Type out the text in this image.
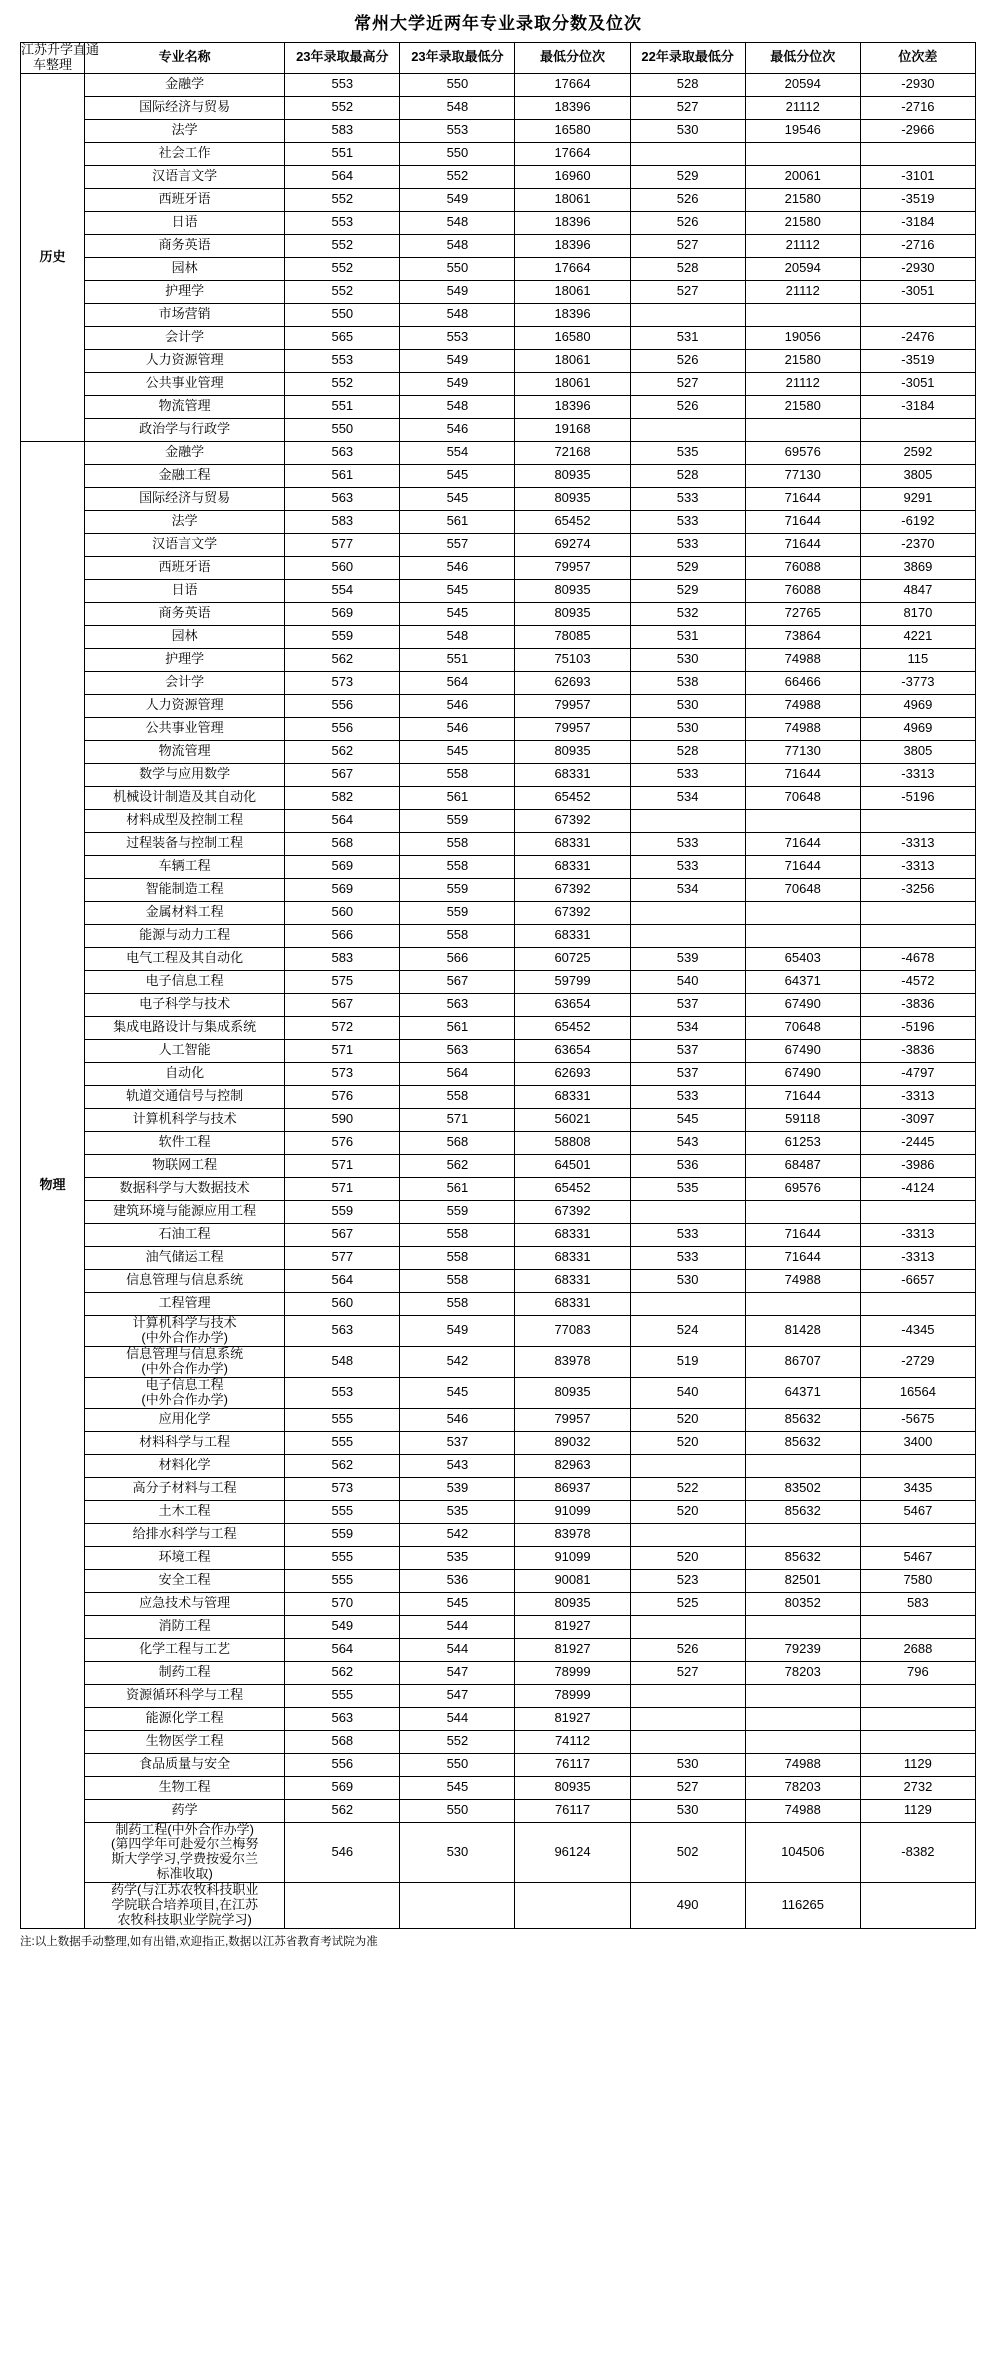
常州大学近两年专业录取分数及位次
江苏升学直通
车整理	专业名称	23年录取最高分	23年录取最低分	最低分位次	22年录取最低分	最低分位次	位次差
历史	金融学	553	550	17664	528	20594	-2930
	国际经济与贸易	552	548	18396	527	21112	-2716
	法学	583	553	16580	530	19546	-2966
	社会工作	551	550	17664			
	汉语言文学	564	552	16960	529	20061	-3101
	西班牙语	552	549	18061	526	21580	-3519
	日语	553	548	18396	526	21580	-3184
	商务英语	552	548	18396	527	21112	-2716
	园林	552	550	17664	528	20594	-2930
	护理学	552	549	18061	527	21112	-3051
	市场营销	550	548	18396			
	会计学	565	553	16580	531	19056	-2476
	人力资源管理	553	549	18061	526	21580	-3519
	公共事业管理	552	549	18061	527	21112	-3051
	物流管理	551	548	18396	526	21580	-3184
	政治学与行政学	550	546	19168			
物理	金融学	563	554	72168	535	69576	2592
	金融工程	561	545	80935	528	77130	3805
	国际经济与贸易	563	545	80935	533	71644	9291
	法学	583	561	65452	533	71644	-6192
	汉语言文学	577	557	69274	533	71644	-2370
	西班牙语	560	546	79957	529	76088	3869
	日语	554	545	80935	529	76088	4847
	商务英语	569	545	80935	532	72765	8170
	园林	559	548	78085	531	73864	4221
	护理学	562	551	75103	530	74988	115
	会计学	573	564	62693	538	66466	-3773
	人力资源管理	556	546	79957	530	74988	4969
	公共事业管理	556	546	79957	530	74988	4969
	物流管理	562	545	80935	528	77130	3805
	数学与应用数学	567	558	68331	533	71644	-3313
	机械设计制造及其自动化	582	561	65452	534	70648	-5196
	材料成型及控制工程	564	559	67392			
	过程装备与控制工程	568	558	68331	533	71644	-3313
	车辆工程	569	558	68331	533	71644	-3313
	智能制造工程	569	559	67392	534	70648	-3256
	金属材料工程	560	559	67392			
	能源与动力工程	566	558	68331			
	电气工程及其自动化	583	566	60725	539	65403	-4678
	电子信息工程	575	567	59799	540	64371	-4572
	电子科学与技术	567	563	63654	537	67490	-3836
	集成电路设计与集成系统	572	561	65452	534	70648	-5196
	人工智能	571	563	63654	537	67490	-3836
	自动化	573	564	62693	537	67490	-4797
	轨道交通信号与控制	576	558	68331	533	71644	-3313
	计算机科学与技术	590	571	56021	545	59118	-3097
	软件工程	576	568	58808	543	61253	-2445
	物联网工程	571	562	64501	536	68487	-3986
	数据科学与大数据技术	571	561	65452	535	69576	-4124
	建筑环境与能源应用工程	559	559	67392			
	石油工程	567	558	68331	533	71644	-3313
	油气储运工程	577	558	68331	533	71644	-3313
	信息管理与信息系统	564	558	68331	530	74988	-6657
	工程管理	560	558	68331			
	计算机科学与技术
(中外合作办学)	563	549	77083	524	81428	-4345
	信息管理与信息系统
(中外合作办学)	548	542	83978	519	86707	-2729
	电子信息工程
(中外合作办学)	553	545	80935	540	64371	16564
	应用化学	555	546	79957	520	85632	-5675
	材料科学与工程	555	537	89032	520	85632	3400
	材料化学	562	543	82963			
	高分子材料与工程	573	539	86937	522	83502	3435
	土木工程	555	535	91099	520	85632	5467
	给排水科学与工程	559	542	83978			
	环境工程	555	535	91099	520	85632	5467
	安全工程	555	536	90081	523	82501	7580
	应急技术与管理	570	545	80935	525	80352	583
	消防工程	549	544	81927			
	化学工程与工艺	564	544	81927	526	79239	2688
	制药工程	562	547	78999	527	78203	796
	资源循环科学与工程	555	547	78999			
	能源化学工程	563	544	81927			
	生物医学工程	568	552	74112			
	食品质量与安全	556	550	76117	530	74988	1129
	生物工程	569	545	80935	527	78203	2732
	药学	562	550	76117	530	74988	1129
	制药工程(中外合作办学)
(第四学年可赴爱尔兰梅努
斯大学学习,学费按爱尔兰
标准收取)	546	530	96124	502	104506	-8382
	药学(与江苏农牧科技职业
学院联合培养项目,在江苏
农牧科技职业学院学习)				490	116265	
注:以上数据手动整理,如有出错,欢迎指正,数据以江苏省教育考试院为准
